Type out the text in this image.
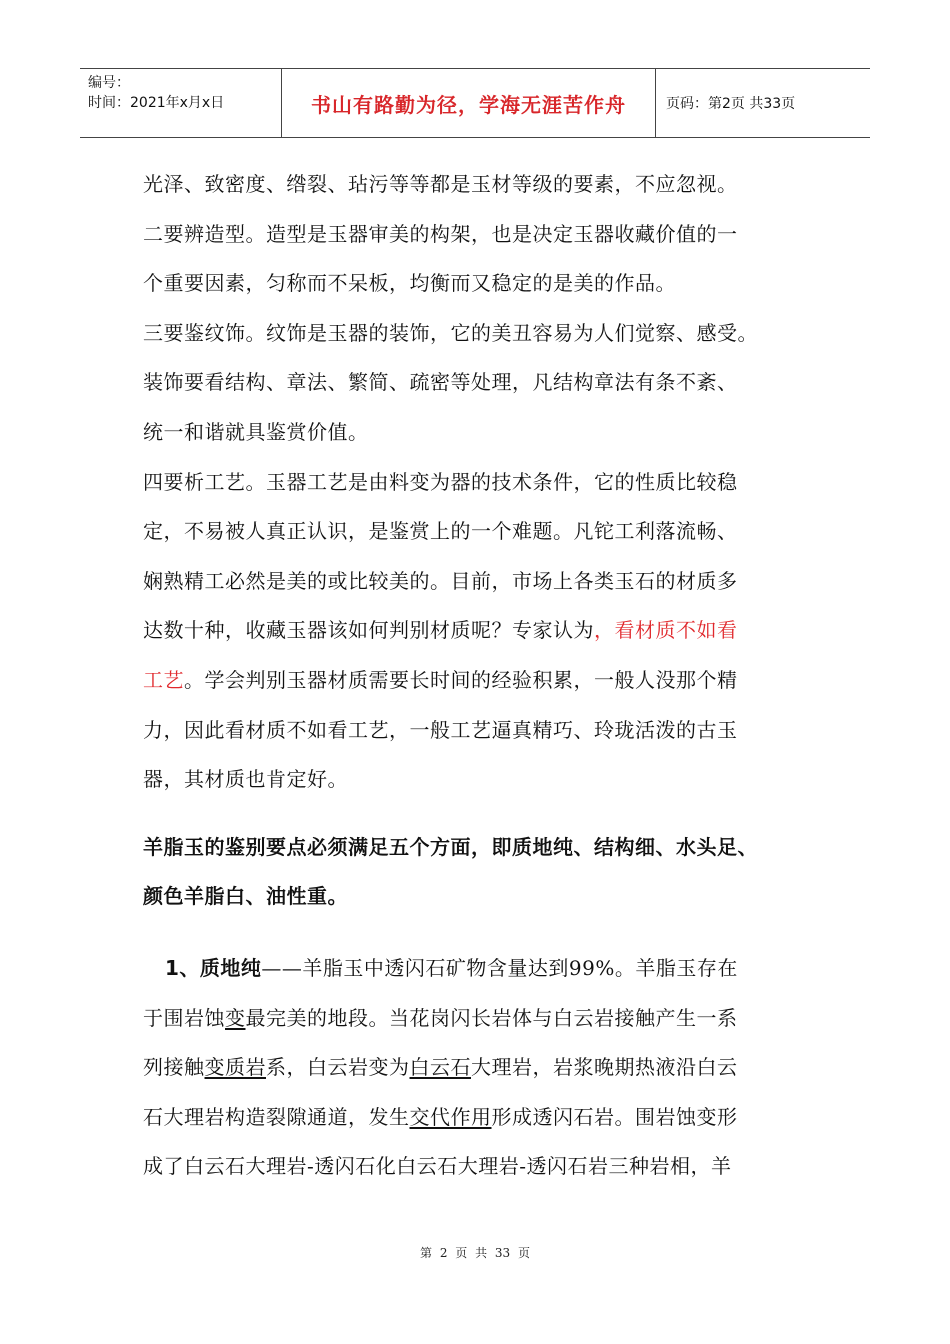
编号：
时间：2021年x月x日	书山有路勤为径，学海无涯苦作舟	页码：第2页 共33页
光泽、致密度、绺裂、玷污等等都是玉材等级的要素，不应忽视。
二要辨造型。造型是玉器审美的构架，也是决定玉器收藏价值的一
个重要因素，匀称而不呆板，均衡而又稳定的是美的作品。
三要鉴纹饰。纹饰是玉器的装饰，它的美丑容易为人们觉察、感受。
装饰要看结构、章法、繁简、疏密等处理，凡结构章法有条不紊、
统一和谐就具鉴赏价值。
四要析工艺。玉器工艺是由料变为器的技术条件，它的性质比较稳
定，不易被人真正认识，是鉴赏上的一个难题。凡铊工利落流畅、
娴熟精工必然是美的或比较美的。目前，市场上各类玉石的材质多
达数十种，收藏玉器该如何判别材质呢？专家认为，看材质不如看
工艺。学会判别玉器材质需要长时间的经验积累，一般人没那个精
力，因此看材质不如看工艺，一般工艺逼真精巧、玲珑活泼的古玉
器，其材质也肯定好。
羊脂玉的鉴别要点必须满足五个方面，即质地纯、结构细、水头足、
颜色羊脂白、油性重。
1、质地纯——羊脂玉中透闪石矿物含量达到99%。羊脂玉存在
于围岩蚀变最完美的地段。当花岗闪长岩体与白云岩接触产生一系
列接触变质岩系，白云岩变为白云石大理岩，岩浆晚期热液沿白云
石大理岩构造裂隙通道，发生交代作用形成透闪石岩。围岩蚀变形
成了白云石大理岩-透闪石化白云石大理岩-透闪石岩三种岩相，羊
第 2 页 共 33 页
